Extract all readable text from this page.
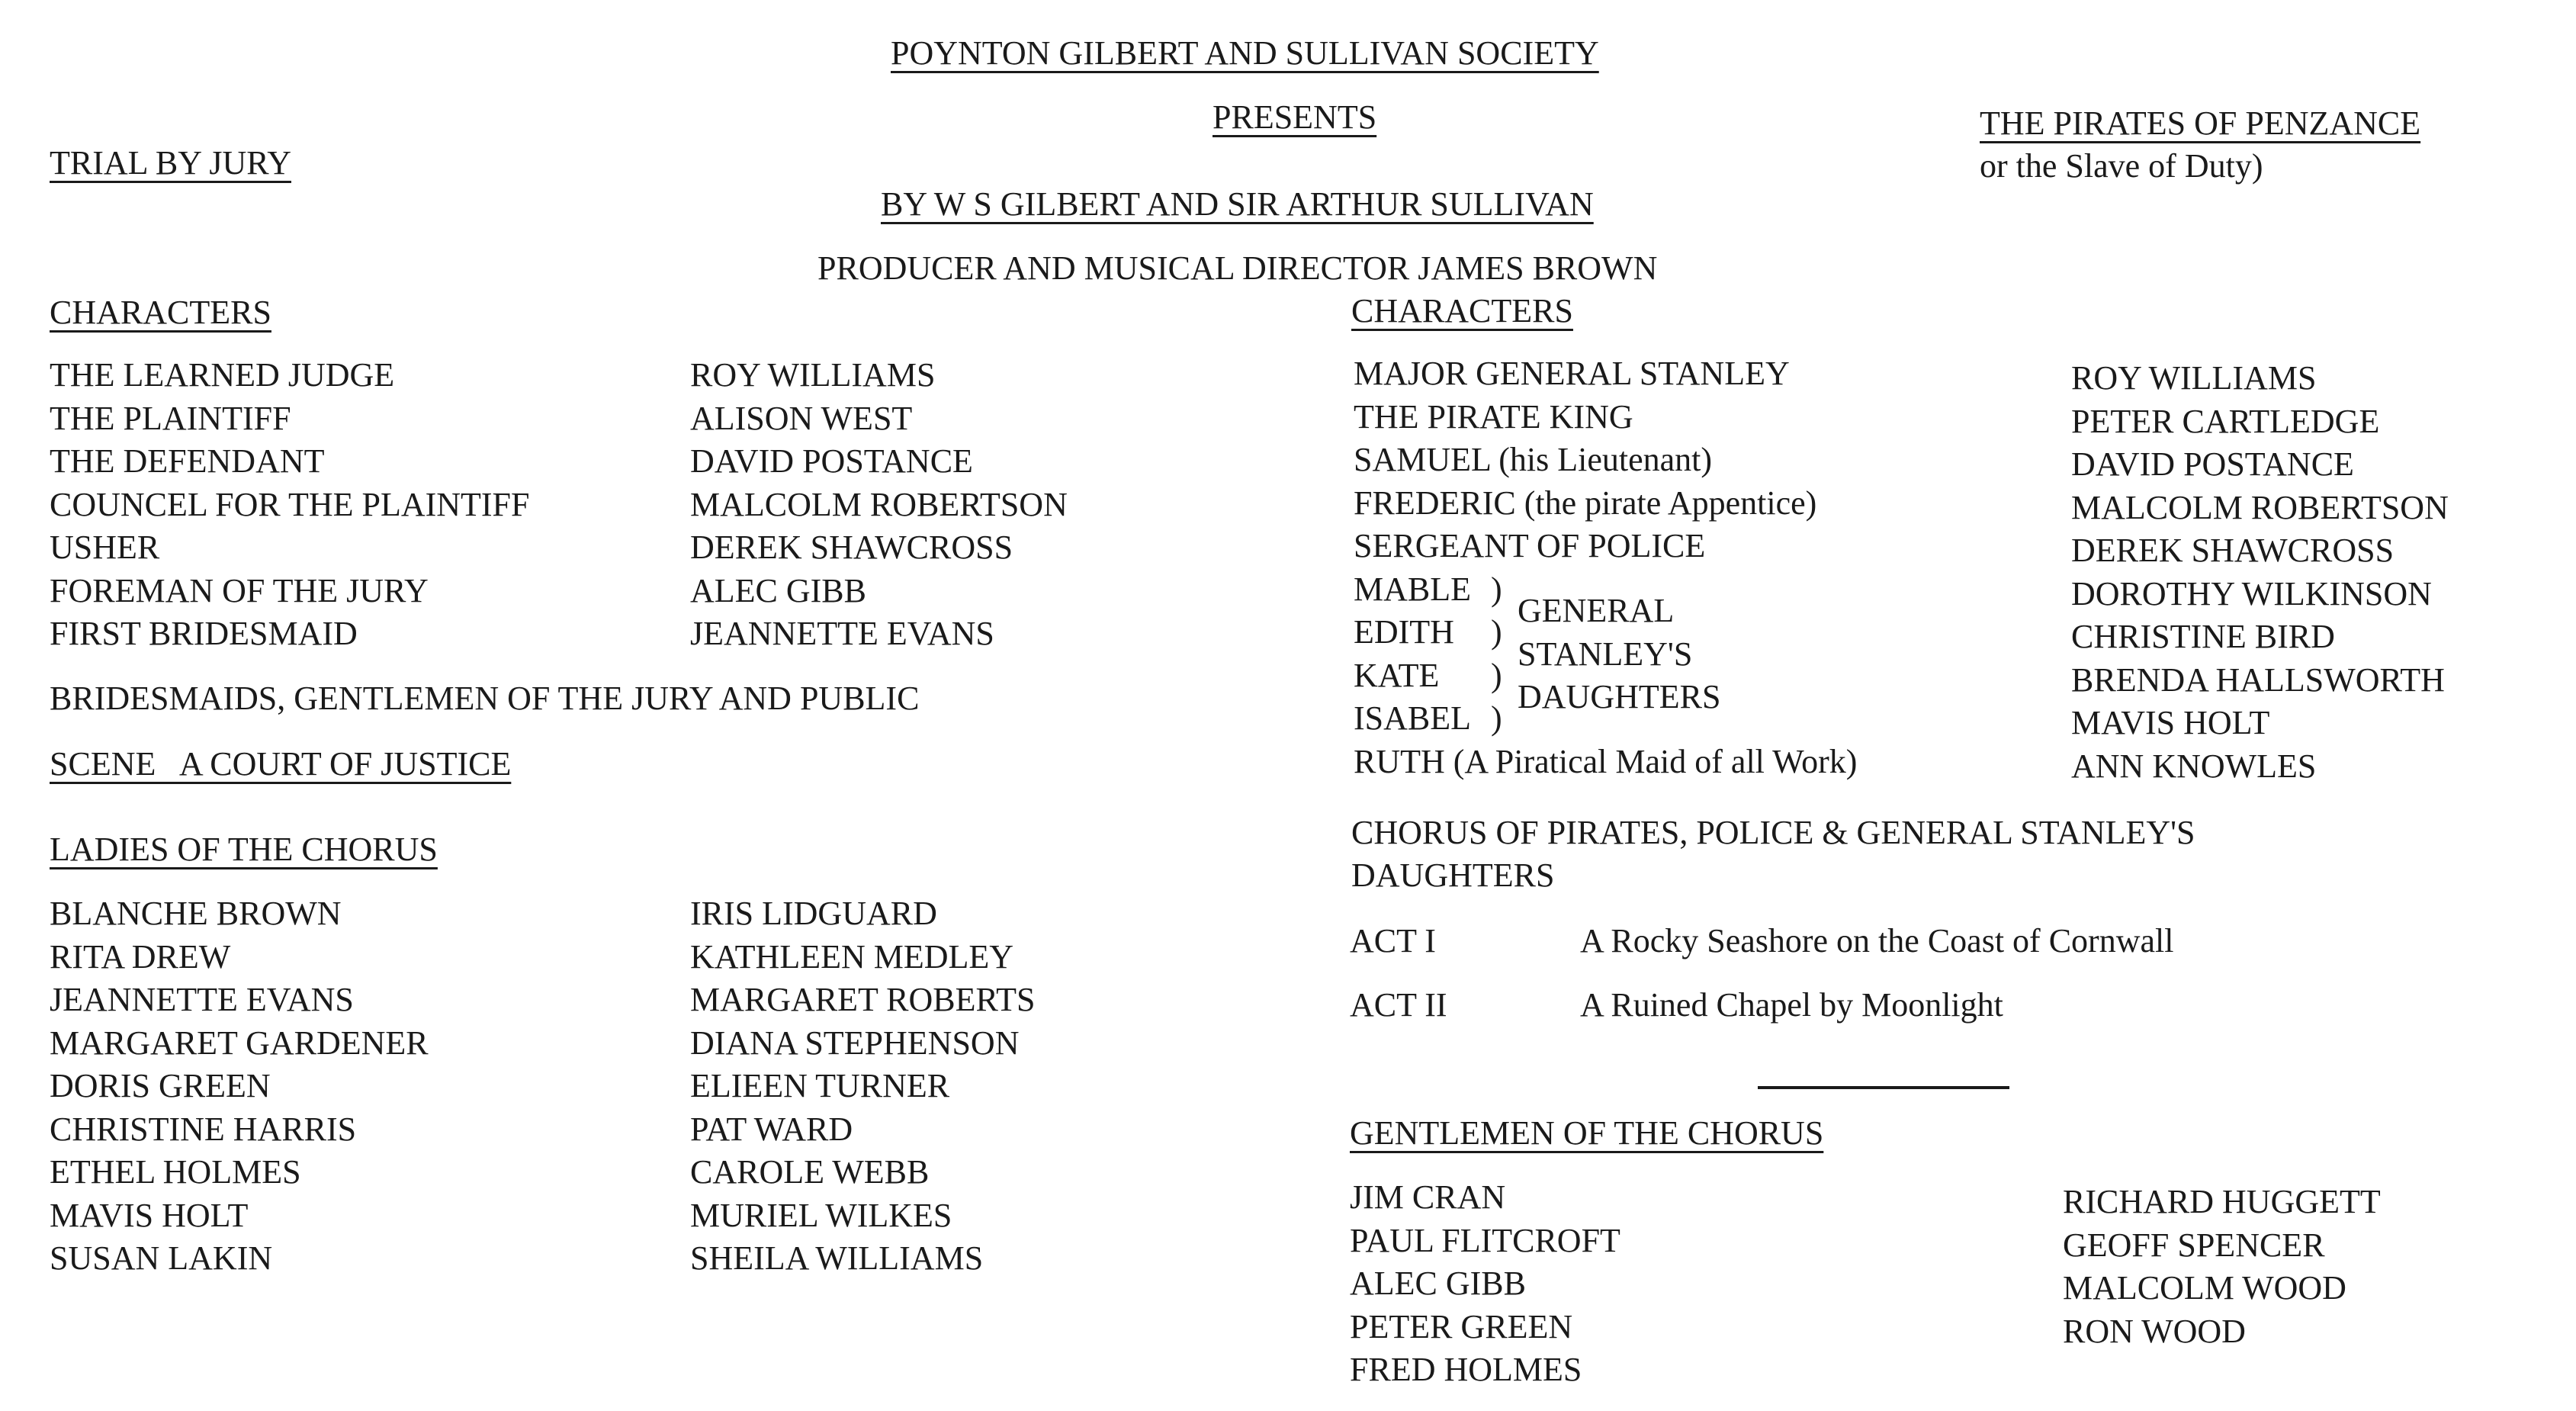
POYNTON GILBERT AND SULLIVAN SOCIETY
PRESENTS
BY W S GILBERT AND SIR ARTHUR SULLIVAN
PRODUCER AND MUSICAL DIRECTOR JAMES BROWN
TRIAL BY JURY
CHARACTERS
THE LEARNED JUDGE
THE PLAINTIFF
THE DEFENDANT
COUNCEL FOR THE PLAINTIFF
USHER
FOREMAN OF THE JURY
FIRST BRIDESMAID
ROY WILLIAMS
ALISON WEST
DAVID POSTANCE
MALCOLM ROBERTSON
DEREK SHAWCROSS
ALEC GIBB
JEANNETTE EVANS
BRIDESMAIDS, GENTLEMEN OF THE JURY AND PUBLIC
SCENE   A COURT OF JUSTICE
LADIES OF THE CHORUS
BLANCHE BROWN
RITA DREW
JEANNETTE EVANS
MARGARET GARDENER
DORIS GREEN
CHRISTINE HARRIS
ETHEL HOLMES
MAVIS HOLT
SUSAN LAKIN
IRIS LIDGUARD
KATHLEEN MEDLEY
MARGARET ROBERTS
DIANA STEPHENSON
ELIEEN TURNER
PAT WARD
CAROLE WEBB
MURIEL WILKES
SHEILA WILLIAMS
THE PIRATES OF PENZANCE
or the Slave of Duty)
CHARACTERS
MAJOR GENERAL STANLEY
THE PIRATE KING
SAMUEL (his Lieutenant)
FREDERIC (the pirate Appentice)
SERGEANT OF POLICE
MABLE
EDITH
KATE
ISABEL
RUTH (A Piratical Maid of all Work)
)
)
)
)
GENERAL
STANLEY'S
DAUGHTERS
ROY WILLIAMS
PETER CARTLEDGE
DAVID POSTANCE
MALCOLM ROBERTSON
DEREK SHAWCROSS
DOROTHY WILKINSON
CHRISTINE BIRD
BRENDA HALLSWORTH
MAVIS HOLT
ANN KNOWLES
CHORUS OF PIRATES, POLICE & GENERAL STANLEY'S
DAUGHTERS
ACT I	A Rocky Seashore on the Coast of Cornwall
ACT II	A Ruined Chapel by Moonlight
GENTLEMEN OF THE CHORUS
JIM CRAN
PAUL FLITCROFT
ALEC GIBB
PETER GREEN
FRED HOLMES
RICHARD HUGGETT
GEOFF SPENCER
MALCOLM WOOD
RON WOOD
